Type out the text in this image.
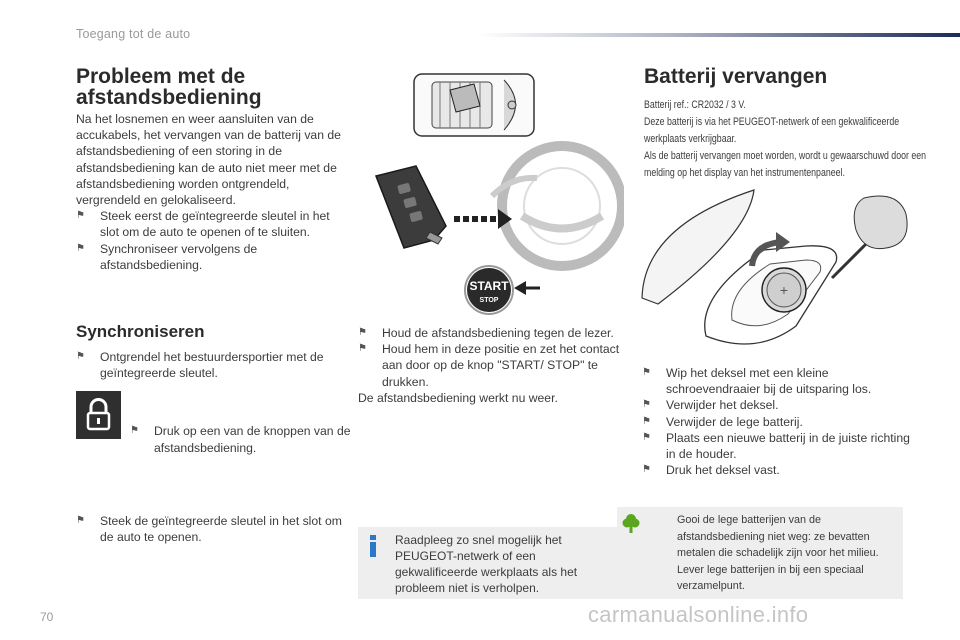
Toegang tot de auto
Probleem met de
afstandsbediening

Na het losnemen en weer aansluiten van de accukabels, het vervangen van de batterij van de afstandsbediening of een storing in de afstandsbediening kan de auto niet meer met de afstandsbediening worden ontgrendeld, vergrendeld en gelokaliseerd.

⚑ Steek eerst de geïntegreerde sleutel in het slot om de auto te openen of te sluiten.
⚑ Synchroniseer vervolgens de afstandsbediening.
Synchroniseren
⚑ Ontgrendel het bestuurdersportier met de geïntegreerde sleutel.
⚑ Druk op een van de knoppen van de afstandsbediening.
⚑ Steek de geïntegreerde sleutel in het slot om de auto te openen.
START
STOP
⚑ Houd de afstandsbediening tegen de lezer.
⚑ Houd hem in deze positie en zet het contact aan door op de knop "START/ STOP" te drukken.

De afstandsbediening werkt nu weer.

Raadpleeg zo snel mogelijk het PEUGEOT-netwerk of een gekwalificeerde werkplaats als het probleem niet is verholpen.
Batterij vervangen

Batterij ref.: CR2032 / 3 V.

Deze batterij is via het PEUGEOT-netwerk of een gekwalificeerde werkplaats verkrijgbaar.

Als de batterij vervangen moet worden, wordt u gewaarschuwd door een melding op het display van het instrumentenpaneel.

+
⚑ Wip het deksel met een kleine schroevendraaier bij de uitsparing los.
⚑ Verwijder het deksel.
⚑ Verwijder de lege batterij.
⚑ Plaats een nieuwe batterij in de juiste richting in de houder.
⚑ Druk het deksel vast.
Gooi de lege batterijen van de afstandsbediening niet weg: ze bevatten metalen die schadelijk zijn voor het milieu. Lever lege batterijen in bij een speciaal verzamelpunt.
70	carmanualsonline.info
